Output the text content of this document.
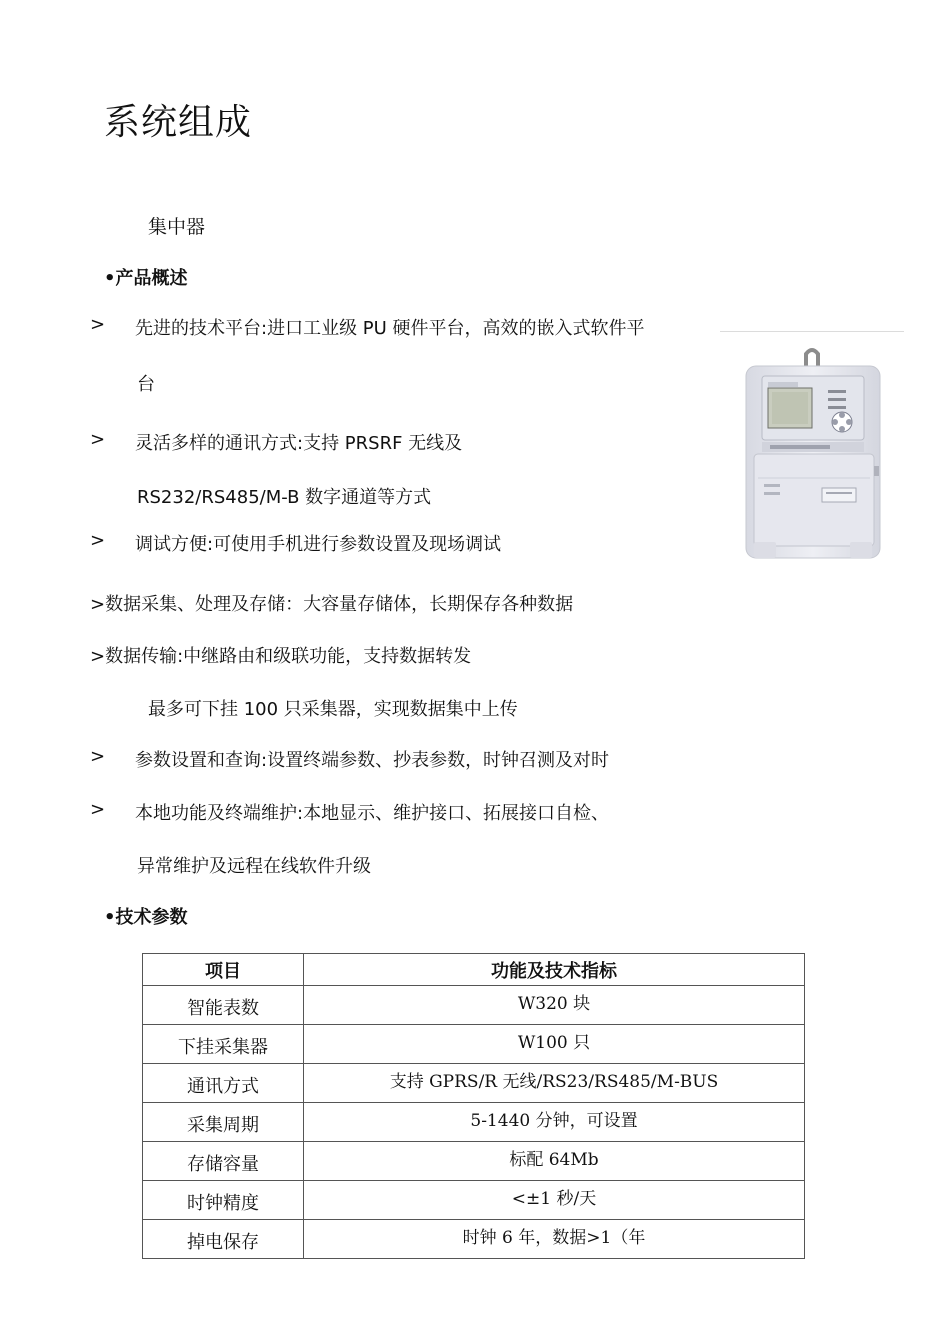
系统组成
集中器
•产品概述
> 先进的技术平台:进口工业级 PU 硬件平台，高效的嵌入式软件平
台
> 灵活多样的通讯方式:支持 PRSRF 无线及
RS232/RS485/M-B 数字通道等方式
> 调试方便:可使用手机进行参数设置及现场调试
>数据采集、处理及存储：大容量存储体，长期保存各种数据
>数据传输:中继路由和级联功能，支持数据转发
最多可下挂 100 只采集器，实现数据集中上传
> 参数设置和查询:设置终端参数、抄表参数，时钟召测及对时
> 本地功能及终端维护:本地显示、维护接口、拓展接口自检、
异常维护及远程在线软件升级
•技术参数
项目	功能及技术指标
智能表数	W320 块
下挂采集器	W100 只
通讯方式	支持 GPRS/R 无线/RS23/RS485/M-BUS
采集周期	5-1440 分钟，可设置
存储容量	标配 64Mb
时钟精度	<±1 秒/天
掉电保存	时钟 6 年，数据>1（年
